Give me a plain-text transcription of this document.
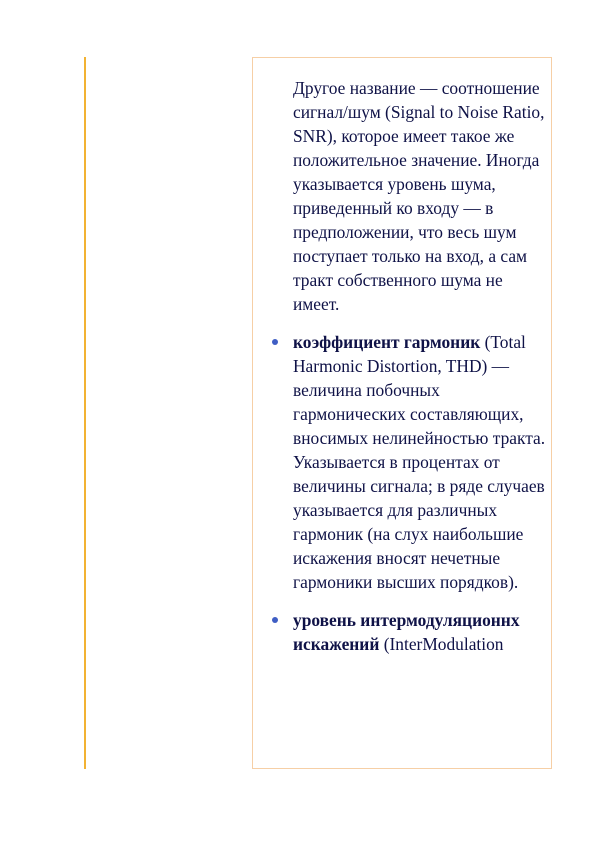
Другое название — соотношение сигнал/шум (Signal to Noise Ratio, SNR), которое имеет такое же положительное значение. Иногда указывается уровень шума, приведенный ко входу — в предположении, что весь шум поступает только на вход, а сам тракт собственного шума не имеет.

коэффициент гармоник (Total Harmonic Distortion, THD) — величина побочных гармонических составляющих, вносимых нелинейностью тракта. Указывается в процентах от величины сигнала; в ряде случаев указывается для различных гармоник (на слух наибольшие искажения вносят нечетные гармоники высших порядков).
уровень интермодуляционнх искажений (InterModulation
